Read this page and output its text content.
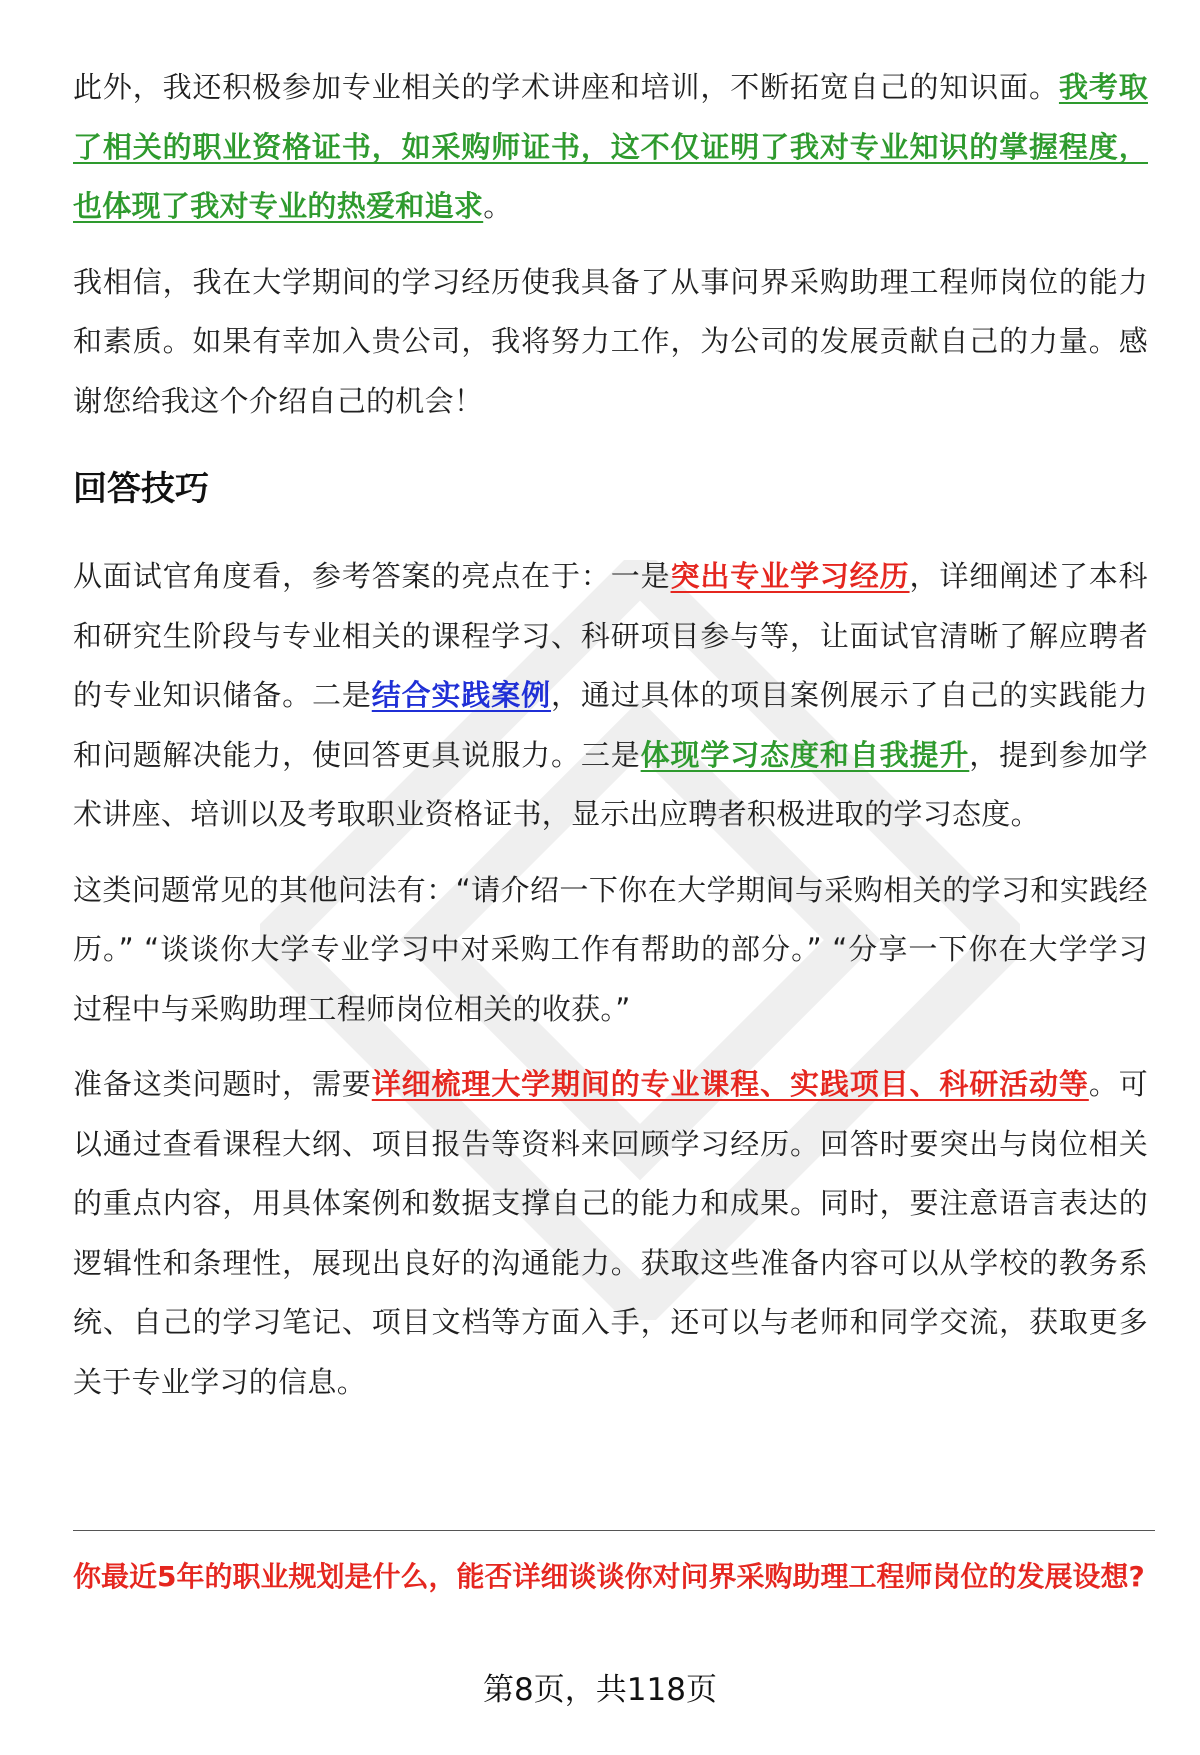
此外，我还积极参加专业相关的学术讲座和培训，不断拓宽自己的知识面。我考取了相关的职业资格证书，如采购师证书，这不仅证明了我对专业知识的掌握程度，也体现了我对专业的热爱和追求。

我相信，我在大学期间的学习经历使我具备了从事问界采购助理工程师岗位的能力和素质。如果有幸加入贵公司，我将努力工作，为公司的发展贡献自己的力量。感谢您给我这个介绍自己的机会！

回答技巧

从面试官角度看，参考答案的亮点在于：一是突出专业学习经历，详细阐述了本科和研究生阶段与专业相关的课程学习、科研项目参与等，让面试官清晰了解应聘者的专业知识储备。二是结合实践案例，通过具体的项目案例展示了自己的实践能力和问题解决能力，使回答更具说服力。三是体现学习态度和自我提升，提到参加学术讲座、培训以及考取职业资格证书，显示出应聘者积极进取的学习态度。

这类问题常见的其他问法有：“请介绍一下你在大学期间与采购相关的学习和实践经历。” “谈谈你大学专业学习中对采购工作有帮助的部分。” “分享一下你在大学学习过程中与采购助理工程师岗位相关的收获。”

准备这类问题时，需要详细梳理大学期间的专业课程、实践项目、科研活动等。可以通过查看课程大纲、项目报告等资料来回顾学习经历。回答时要突出与岗位相关的重点内容，用具体案例和数据支撑自己的能力和成果。同时，要注意语言表达的逻辑性和条理性，展现出良好的沟通能力。获取这些准备内容可以从学校的教务系统、自己的学习笔记、项目文档等方面入手，还可以与老师和同学交流，获取更多关于专业学习的信息。

你最近5年的职业规划是什么，能否详细谈谈你对问界采购助理工程师岗位的发展设想?

第8页，共118页
